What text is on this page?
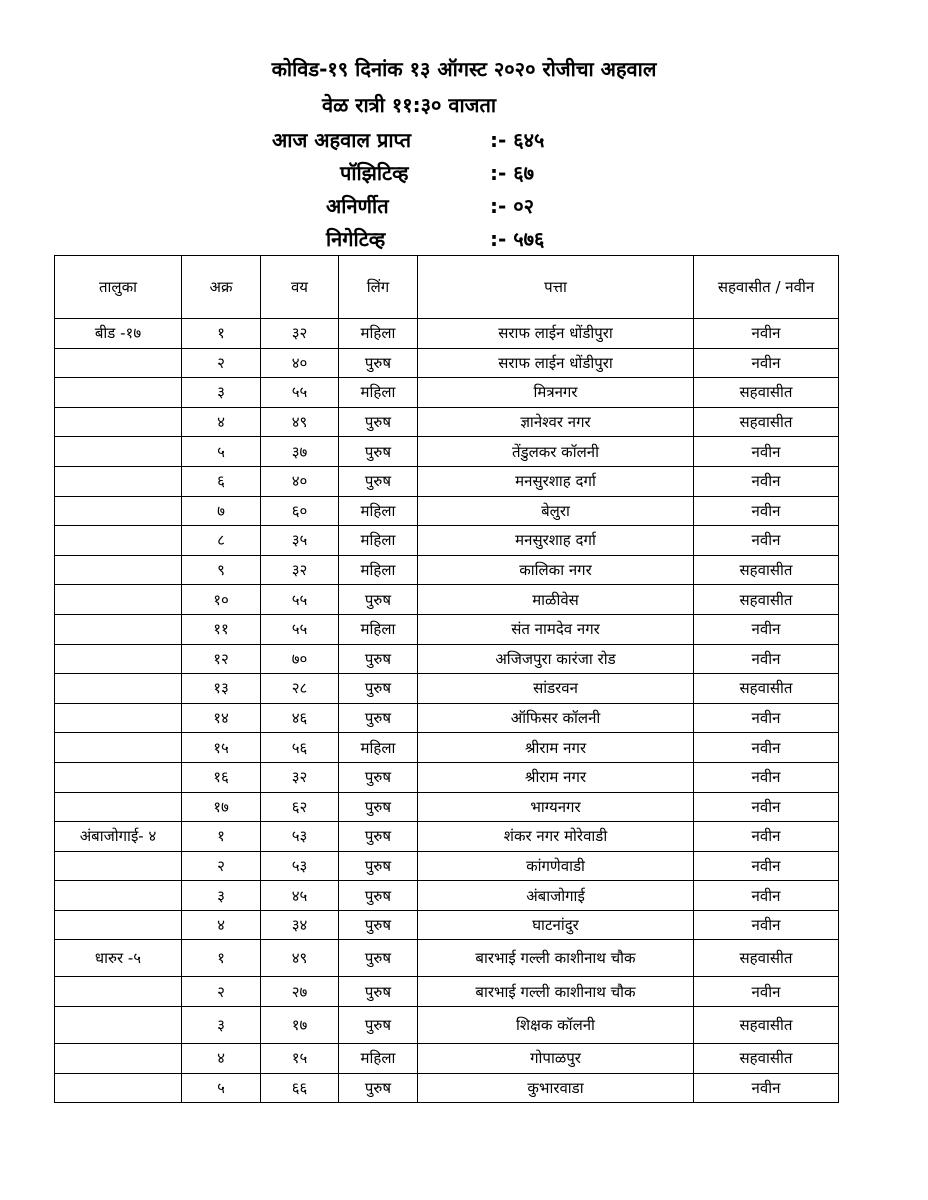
कोविड-१९ दिनांक १३ ऑगस्ट २०२० रोजीचा अहवाल
वेळ रात्री ११:३० वाजता
आज अहवाल प्राप्त	:- ६४५
पॉझिटिव्ह	:- ६७
अनिर्णीत	:- ०२
निगेटिव्ह	:- ५७६
तालुका	अक्र	वय	लिंग	पत्ता	सहवासीत / नवीन
बीड -१७	१	३२	महिला	सराफ लाईन धोंडीपुरा	नवीन
	२	४०	पुरुष	सराफ लाईन धोंडीपुरा	नवीन
	३	५५	महिला	मित्रनगर	सहवासीत
	४	४९	पुरुष	ज्ञानेश्वर नगर	सहवासीत
	५	३७	पुरुष	तेंडुलकर कॉलनी	नवीन
	६	४०	पुरुष	मनसुरशाह दर्गा	नवीन
	७	६०	महिला	बेलुरा	नवीन
	८	३५	महिला	मनसुरशाह दर्गा	नवीन
	९	३२	महिला	कालिका नगर	सहवासीत
	१०	५५	पुरुष	माळीवेस	सहवासीत
	११	५५	महिला	संत नामदेव नगर	नवीन
	१२	७०	पुरुष	अजिजपुरा कारंजा रोड	नवीन
	१३	२८	पुरुष	सांडरवन	सहवासीत
	१४	४६	पुरुष	ऑफिसर कॉलनी	नवीन
	१५	५६	महिला	श्रीराम नगर	नवीन
	१६	३२	पुरुष	श्रीराम नगर	नवीन
	१७	६२	पुरुष	भाग्यनगर	नवीन
अंबाजोगाई- ४	१	५३	पुरुष	शंकर नगर मोरेवाडी	नवीन
	२	५३	पुरुष	कांगणेवाडी	नवीन
	३	४५	पुरुष	अंबाजोगाई	नवीन
	४	३४	पुरुष	घाटनांदुर	नवीन
धारुर -५	१	४९	पुरुष	बारभाई गल्ली काशीनाथ चौक	सहवासीत
	२	२७	पुरुष	बारभाई गल्ली काशीनाथ चौक	नवीन
	३	१७	पुरुष	शिक्षक कॉलनी	सहवासीत
	४	१५	महिला	गोपाळपुर	सहवासीत
	५	६६	पुरुष	कुभारवाडा	नवीन
